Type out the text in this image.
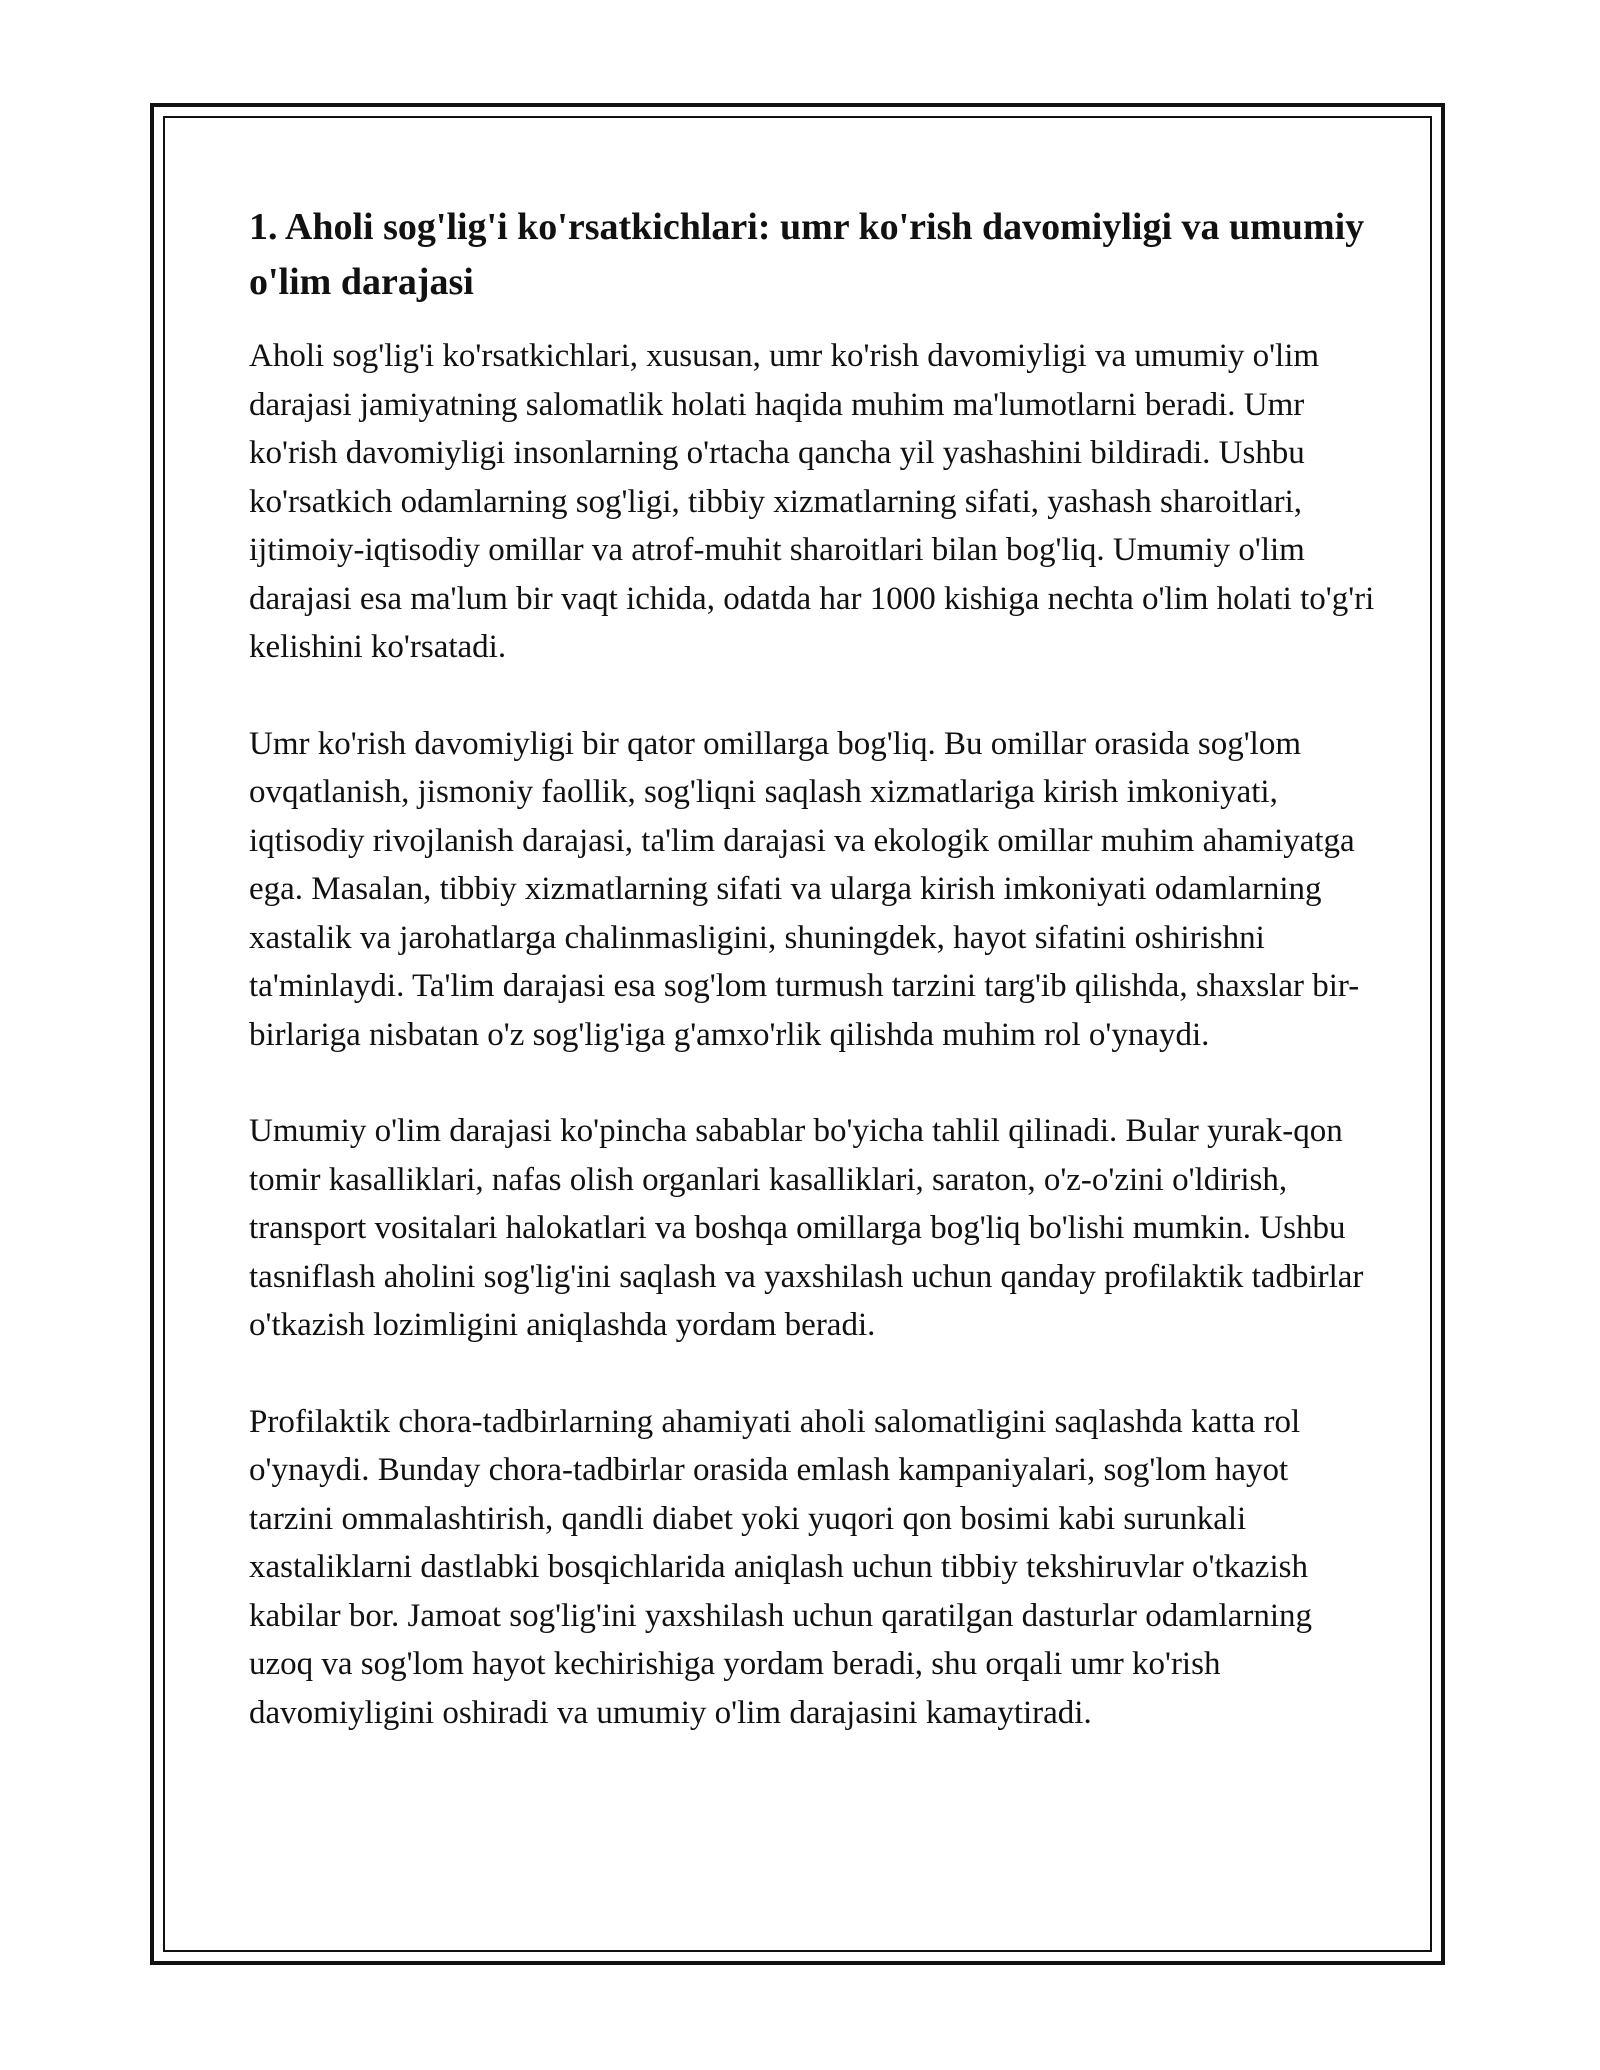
1. Aholi sog'lig'i ko'rsatkichlari: umr ko'rish davomiyligi va umumiy o'lim darajasi

Aholi sog'lig'i ko'rsatkichlari, xususan, umr ko'rish davomiyligi va umumiy o'lim darajasi jamiyatning salomatlik holati haqida muhim ma'lumotlarni beradi. Umr ko'rish davomiyligi insonlarning o'rtacha qancha yil yashashini bildiradi. Ushbu ko'rsatkich odamlarning sog'ligi, tibbiy xizmatlarning sifati, yashash sharoitlari, ijtimoiy-iqtisodiy omillar va atrof-muhit sharoitlari bilan bog'liq. Umumiy o'lim darajasi esa ma'lum bir vaqt ichida, odatda har 1000 kishiga nechta o'lim holati to'g'ri kelishini ko'rsatadi.

Umr ko'rish davomiyligi bir qator omillarga bog'liq. Bu omillar orasida sog'lom ovqatlanish, jismoniy faollik, sog'liqni saqlash xizmatlariga kirish imkoniyati, iqtisodiy rivojlanish darajasi, ta'lim darajasi va ekologik omillar muhim ahamiyatga ega. Masalan, tibbiy xizmatlarning sifati va ularga kirish imkoniyati odamlarning xastalik va jarohatlarga chalinmasligini, shuningdek, hayot sifatini oshirishni ta'minlaydi. Ta'lim darajasi esa sog'lom turmush tarzini targ'ib qilishda, shaxslar bir-birlariga nisbatan o'z sog'lig'iga g'amxo'rlik qilishda muhim rol o'ynaydi.

Umumiy o'lim darajasi ko'pincha sabablar bo'yicha tahlil qilinadi. Bular yurak-qon tomir kasalliklari, nafas olish organlari kasalliklari, saraton, o'z-o'zini o'ldirish, transport vositalari halokatlari va boshqa omillarga bog'liq bo'lishi mumkin. Ushbu tasniflash aholini sog'lig'ini saqlash va yaxshilash uchun qanday profilaktik tadbirlar o'tkazish lozimligini aniqlashda yordam beradi.

Profilaktik chora-tadbirlarning ahamiyati aholi salomatligini saqlashda katta rol o'ynaydi. Bunday chora-tadbirlar orasida emlash kampaniyalari, sog'lom hayot tarzini ommalashtirish, qandli diabet yoki yuqori qon bosimi kabi surunkali xastaliklarni dastlabki bosqichlarida aniqlash uchun tibbiy tekshiruvlar o'tkazish kabilar bor. Jamoat sog'lig'ini yaxshilash uchun qaratilgan dasturlar odamlarning uzoq va sog'lom hayot kechirishiga yordam beradi, shu orqali umr ko'rish davomiyligini oshiradi va umumiy o'lim darajasini kamaytiradi.
